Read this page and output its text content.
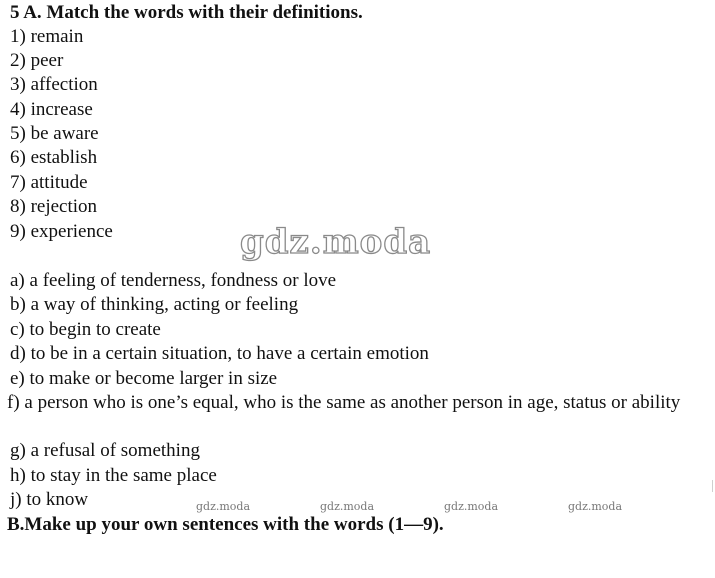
5 A. Match the words with their definitions.
1) remain
2) peer
3) affection
4) increase
5) be aware
6) establish
7) attitude
8) rejection
9) experience	gdz.moda
a) a feeling of tenderness, fondness or love
b) a way of thinking, acting or feeling
c) to begin to create
d) to be in a certain situation, to have a certain emotion
e) to make or become larger in size
f) a person who is one’s equal, who is the same as another person in age, status or ability
g) a refusal of something
h) to stay in the same place
j) to know	gdz.moda	gdz.moda	gdz.moda	gdz.moda
B.Make up your own sentences with the words (1—9).
